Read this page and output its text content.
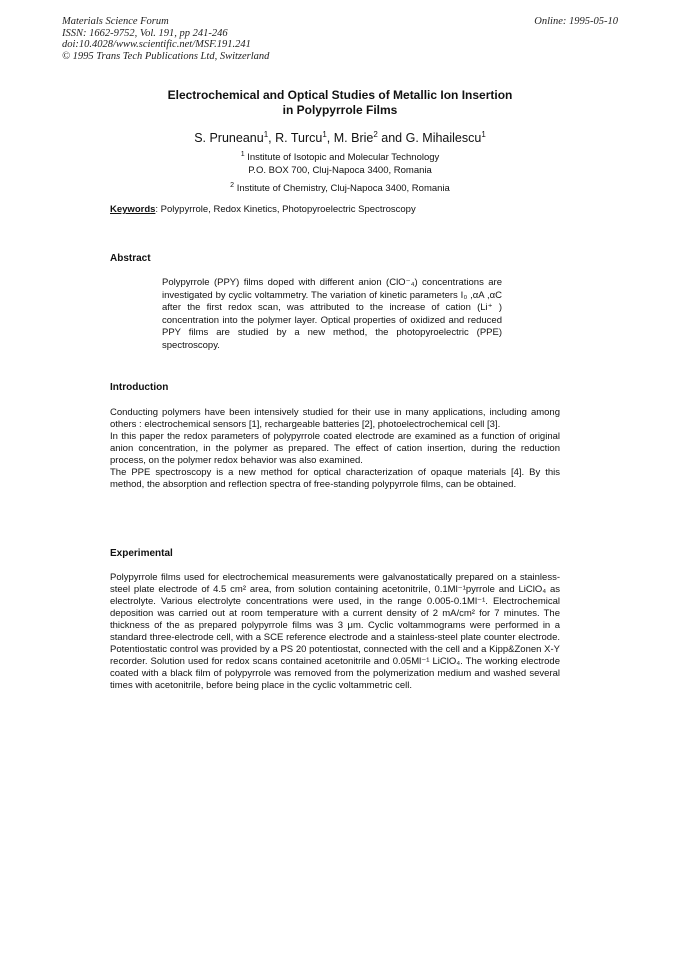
Materials Science Forum
ISSN: 1662-9752, Vol. 191, pp 241-246
doi:10.4028/www.scientific.net/MSF.191.241
© 1995 Trans Tech Publications Ltd, Switzerland
Online: 1995-05-10
Electrochemical and Optical Studies of Metallic Ion Insertion
in Polypyrrole Films
S. Pruneanu$^1$, R. Turcu$^1$, M. Brie$^2$ and G. Mihailescu$^1$
$^1$ Institute of Isotopic and Molecular Technology
P.O. BOX 700, Cluj-Napoca 3400, Romania
$^2$ Institute of Chemistry, Cluj-Napoca 3400, Romania
Keywords: Polypyrrole, Redox Kinetics, Photopyroelectric Spectroscopy
Abstract
Polypyrrole (PPY) films doped with different anion (ClO⁻₄) concentrations are investigated by cyclic voltammetry. The variation of kinetic parameters I₀ ,αA ,αC after the first redox scan, was attributed to the increase of cation (Li⁺ ) concentration into the polymer layer. Optical properties of oxidized and reduced PPY films are studied by a new method, the photopyroelectric (PPE) spectroscopy.
Introduction

Conducting polymers have been intensively studied for their use in many applications, including among others : electrochemical sensors [1], rechargeable batteries [2], photoelectrochemical cell [3].

In this paper the redox parameters of polypyrrole coated electrode are examined as a function of original anion concentration, in the polymer as prepared. The effect of cation insertion, during the reduction process, on the polymer redox behavior was also examined.

The PPE spectroscopy is a new method for optical characterization of opaque materials [4]. By this method, the absorption and reflection spectra of free-standing polypyrrole films, can be obtained.

Experimental

Polypyrrole films used for electrochemical measurements were galvanostatically prepared on a stainless-steel plate electrode of 4.5 cm² area, from solution containing acetonitrile, 0.1Ml⁻¹pyrrole and LiClO₄ as electrolyte. Various electrolyte concentrations were used, in the range 0.005-0.1Ml⁻¹. Electrochemical deposition was carried out at room temperature with a current density of 2 mA/cm² for 7 minutes. The thickness of the as prepared polypyrrole films was 3 μm. Cyclic voltammograms were performed in a standard three-electrode cell, with a SCE reference electrode and a stainless-steel plate counter electrode. Potentiostatic control was provided by a PS 20 potentiostat, connected with the cell and a Kipp&Zonen X-Y recorder. Solution used for redox scans contained acetonitrile and 0.05Ml⁻¹ LiClO₄. The working electrode coated with a black film of polypyrrole was removed from the polymerization medium and washed several times with acetonitrile, before being place in the cyclic voltammetric cell.
